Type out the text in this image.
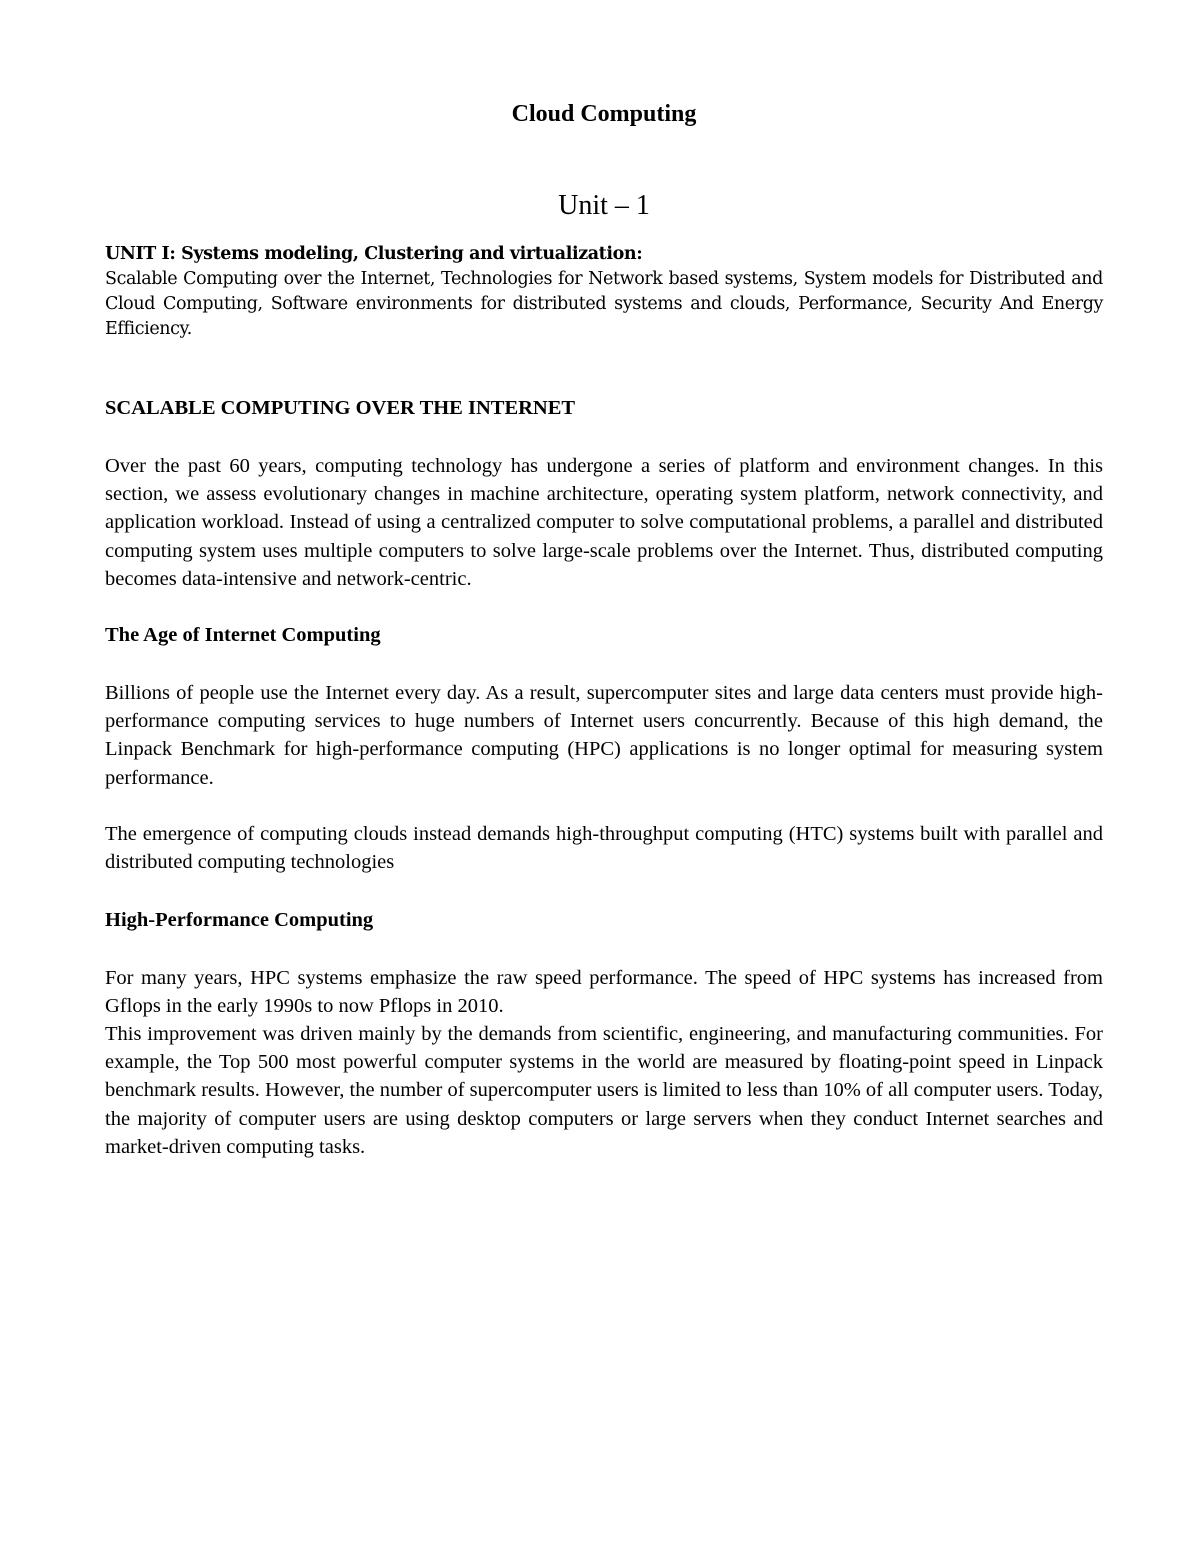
Cloud Computing
Unit – 1
UNIT I: Systems modeling, Clustering and virtualization:
Scalable Computing over the Internet, Technologies for Network based systems, System models for Distributed and Cloud Computing, Software environments for distributed systems and clouds, Performance, Security And Energy Efficiency.
SCALABLE COMPUTING OVER THE INTERNET

Over the past 60 years, computing technology has undergone a series of platform and environment changes. In this section, we assess evolutionary changes in machine architecture, operating system platform, network connectivity, and application workload. Instead of using a centralized computer to solve computational problems, a parallel and distributed computing system uses multiple computers to solve large-scale problems over the Internet. Thus, distributed computing becomes data-intensive and network-centric.

The Age of Internet Computing

Billions of people use the Internet every day. As a result, supercomputer sites and large data centers must provide high-performance computing services to huge numbers of Internet users concurrently. Because of this high demand, the Linpack Benchmark for high-performance computing (HPC) applications is no longer optimal for measuring system performance.

The emergence of computing clouds instead demands high-throughput computing (HTC) systems built with parallel and distributed computing technologies

High-Performance Computing

For many years, HPC systems emphasize the raw speed performance. The speed of HPC systems has increased from Gflops in the early 1990s to now Pflops in 2010.

This improvement was driven mainly by the demands from scientific, engineering, and manufacturing communities. For example, the Top 500 most powerful computer systems in the world are measured by floating-point speed in Linpack benchmark results. However, the number of supercomputer users is limited to less than 10% of all computer users. Today, the majority of computer users are using desktop computers or large servers when they conduct Internet searches and market-driven computing tasks.
